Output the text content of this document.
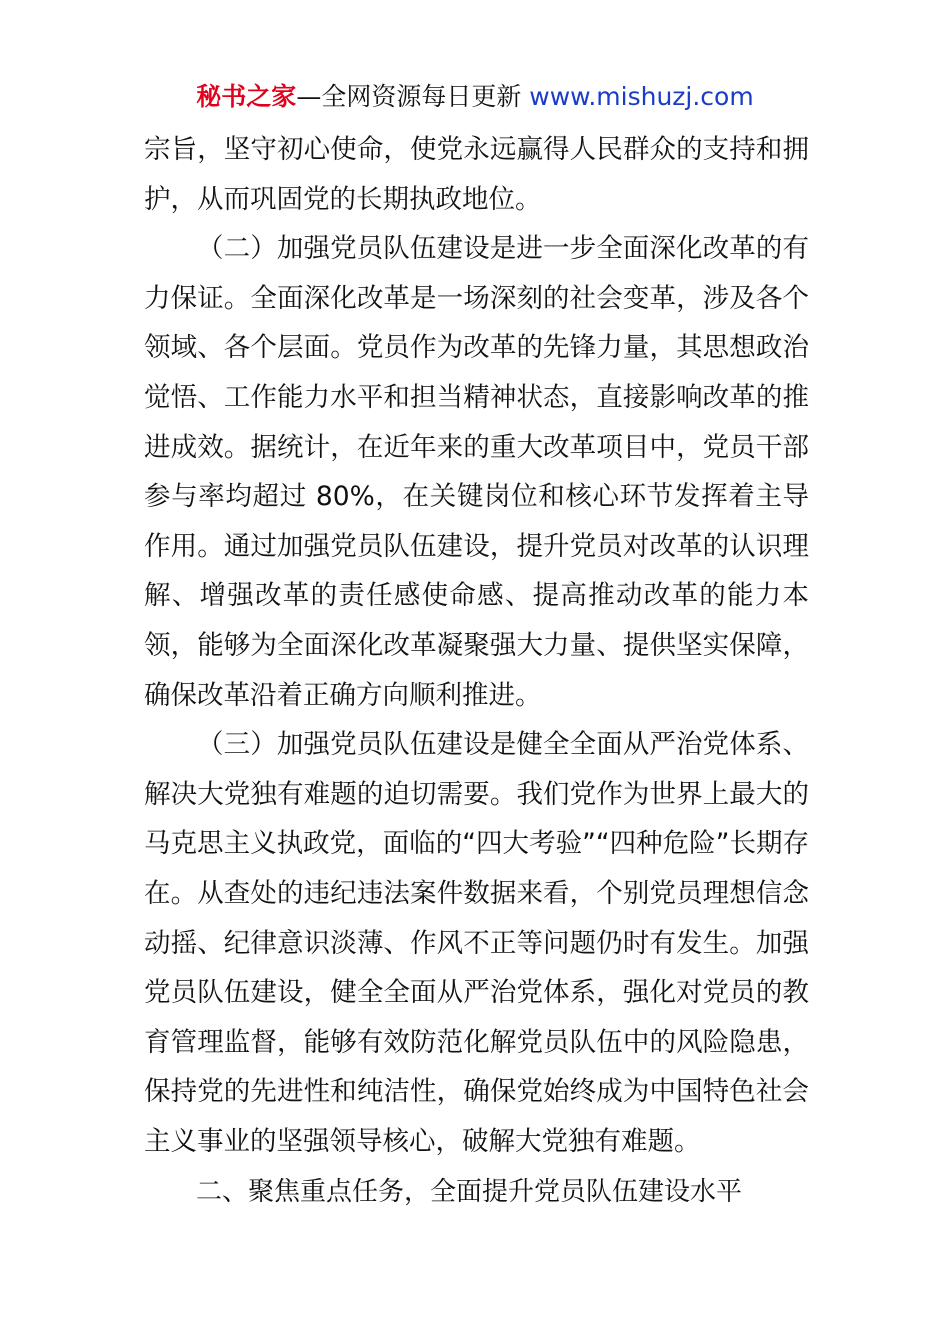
秘书之家—全网资源每日更新 www.mishuzj.com

宗旨，坚守初心使命，使党永远赢得人民群众的支持和拥护，从而巩固党的长期执政地位。

（二）加强党员队伍建设是进一步全面深化改革的有力保证。全面深化改革是一场深刻的社会变革，涉及各个领域、各个层面。党员作为改革的先锋力量，其思想政治觉悟、工作能力水平和担当精神状态，直接影响改革的推进成效。据统计，在近年来的重大改革项目中，党员干部参与率均超过 80%，在关键岗位和核心环节发挥着主导作用。通过加强党员队伍建设，提升党员对改革的认识理解、增强改革的责任感使命感、提高推动改革的能力本领，能够为全面深化改革凝聚强大力量、提供坚实保障，确保改革沿着正确方向顺利推进。

（三）加强党员队伍建设是健全全面从严治党体系、解决大党独有难题的迫切需要。我们党作为世界上最大的马克思主义执政党，面临的“四大考验”“四种危险”长期存在。从查处的违纪违法案件数据来看，个别党员理想信念动摇、纪律意识淡薄、作风不正等问题仍时有发生。加强党员队伍建设，健全全面从严治党体系，强化对党员的教育管理监督，能够有效防范化解党员队伍中的风险隐患，保持党的先进性和纯洁性，确保党始终成为中国特色社会主义事业的坚强领导核心，破解大党独有难题。

二、聚焦重点任务，全面提升党员队伍建设水平
